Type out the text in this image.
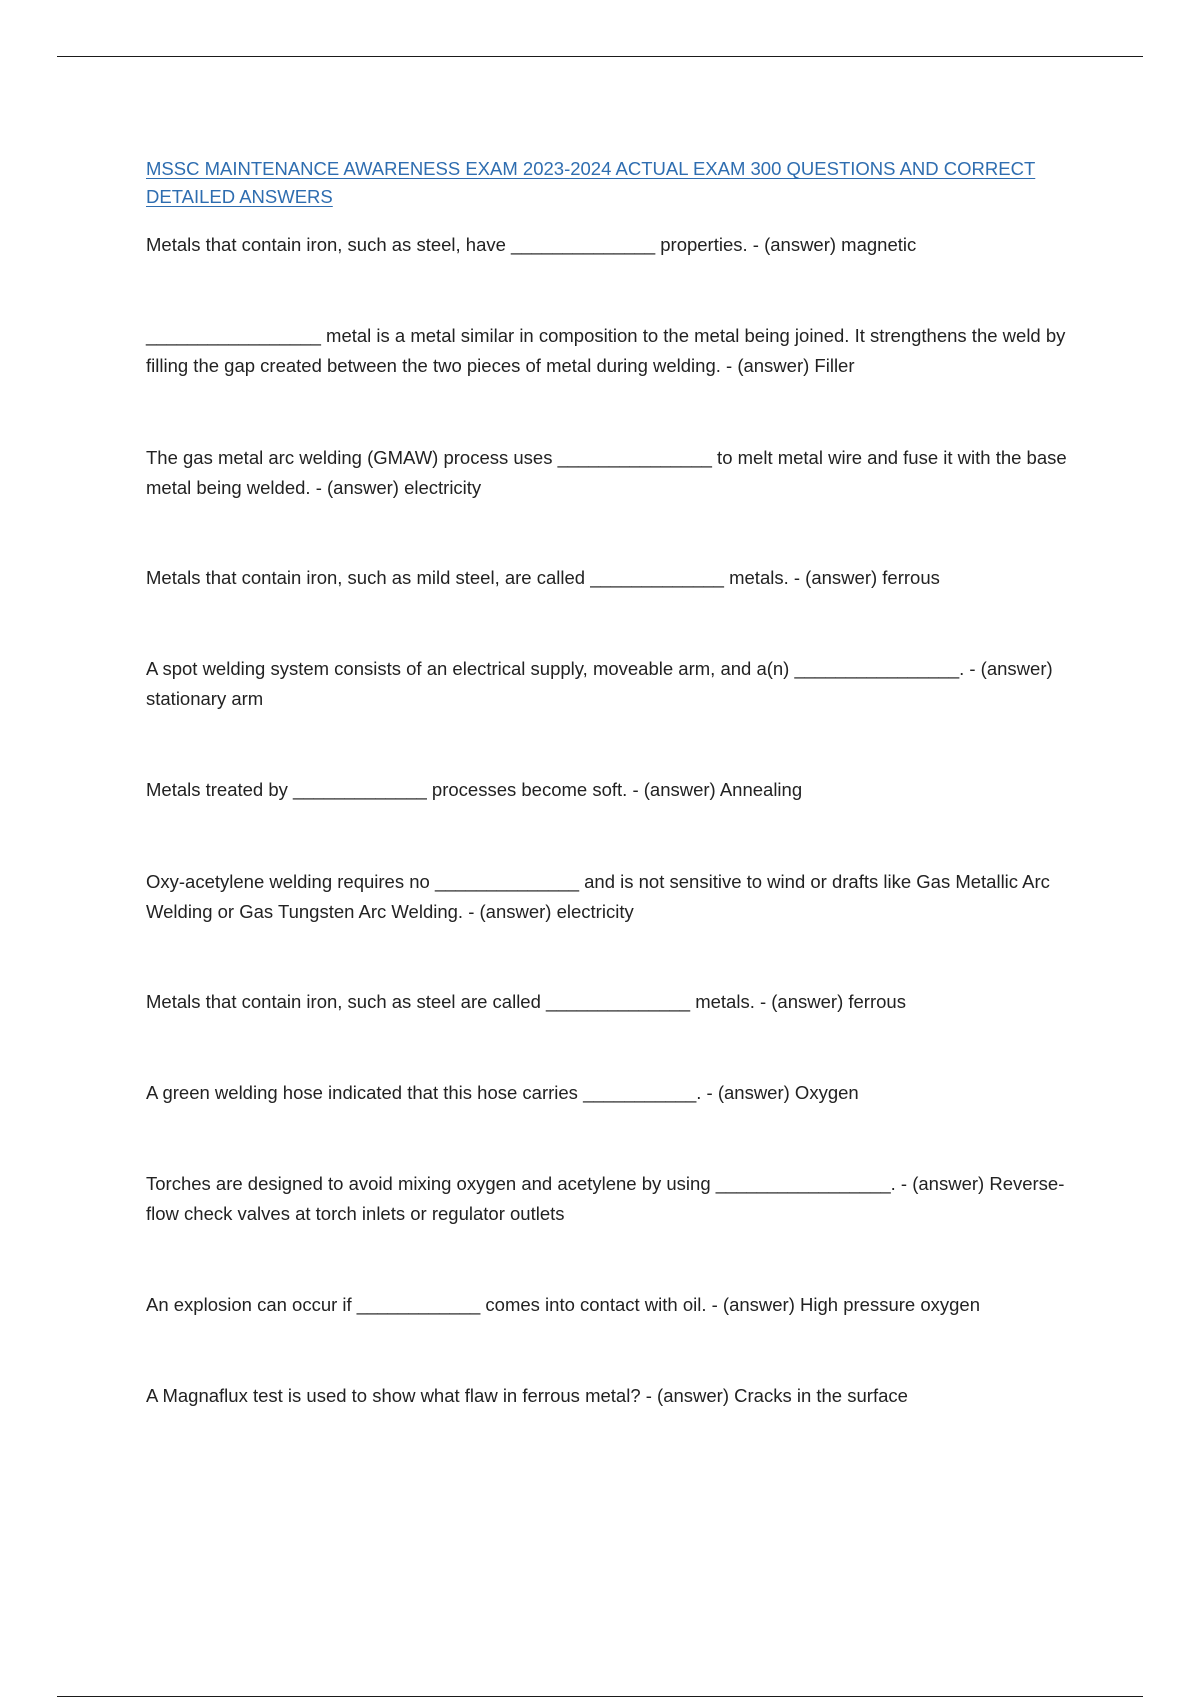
MSSC MAINTENANCE AWARENESS EXAM 2023-2024 ACTUAL EXAM 300 QUESTIONS AND CORRECT DETAILED ANSWERS

Metals that contain iron, such as steel, have ______________ properties. - (answer) magnetic

_________________ metal is a metal similar in composition to the metal being joined. It strengthens the weld by filling the gap created between the two pieces of metal during welding. - (answer) Filler

The gas metal arc welding (GMAW) process uses _______________ to melt metal wire and fuse it with the base metal being welded. - (answer) electricity

Metals that contain iron, such as mild steel, are called _____________ metals. - (answer) ferrous

A spot welding system consists of an electrical supply, moveable arm, and a(n) ________________. - (answer) stationary arm

Metals treated by _____________ processes become soft. - (answer) Annealing

Oxy-acetylene welding requires no ______________ and is not sensitive to wind or drafts like Gas Metallic Arc Welding or Gas Tungsten Arc Welding. - (answer) electricity

Metals that contain iron, such as steel are called ______________ metals. - (answer) ferrous

A green welding hose indicated that this hose carries ___________. - (answer) Oxygen

Torches are designed to avoid mixing oxygen and acetylene by using _________________. - (answer) Reverse-flow check valves at torch inlets or regulator outlets

An explosion can occur if ____________ comes into contact with oil. - (answer) High pressure oxygen

A Magnaflux test is used to show what flaw in ferrous metal? - (answer) Cracks in the surface
